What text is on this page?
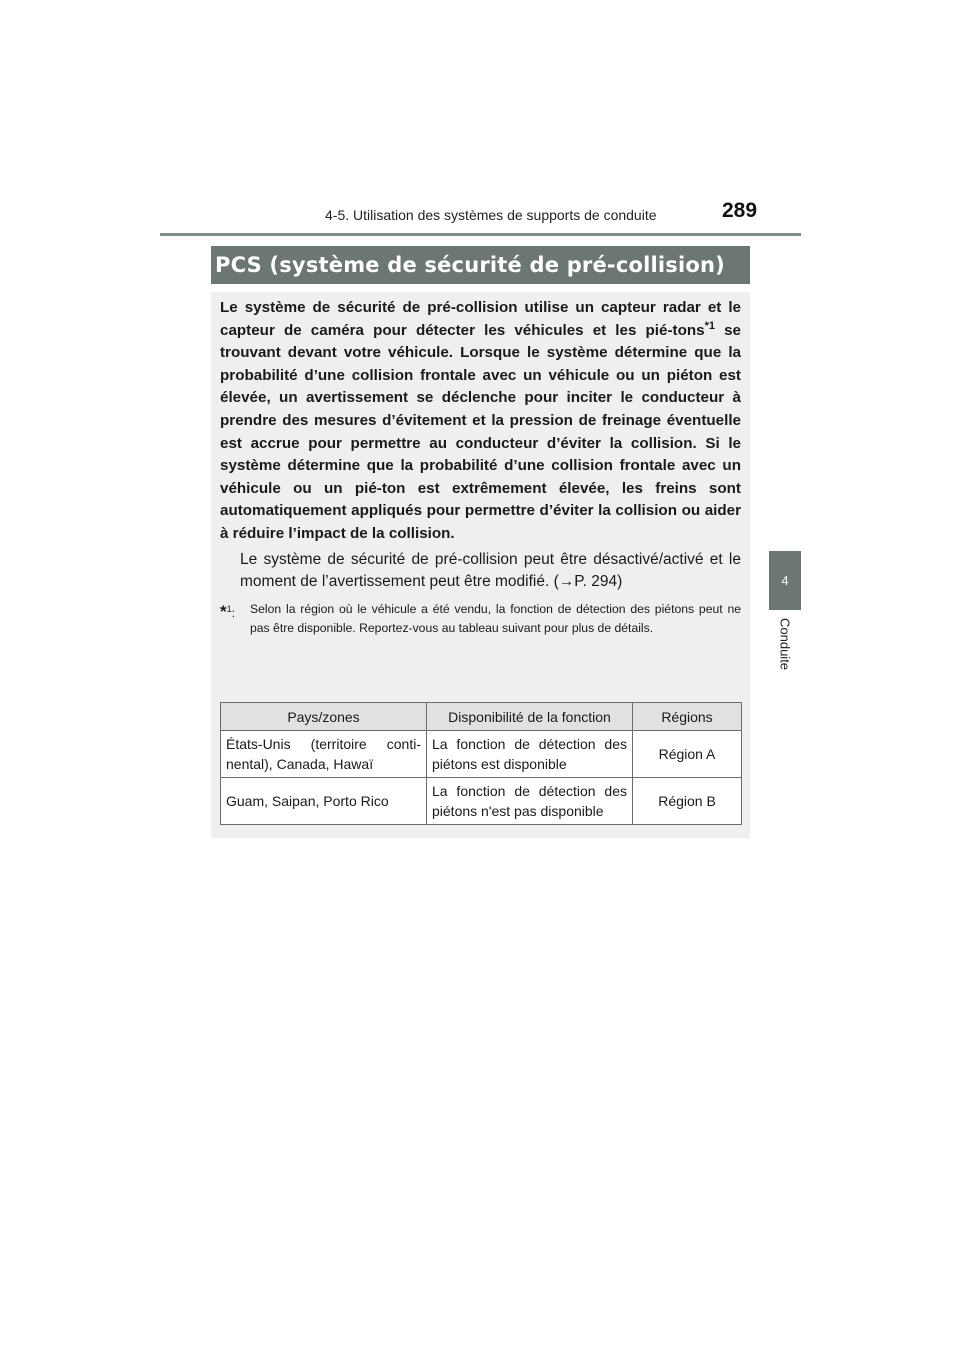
4-5. Utilisation des systèmes de supports de conduite	289
4
Conduite
PCS (système de sécurité de pré-collision)

Le système de sécurité de pré-collision utilise un capteur radar et le capteur de caméra pour détecter les véhicules et les pié-tons$^{*1}$ se trouvant devant votre véhicule. Lorsque le système détermine que la probabilité d’une collision frontale avec un véhicule ou un piéton est élevée, un avertissement se déclenche pour inciter le conducteur à prendre des mesures d’évitement et la pression de freinage éventuelle est accrue pour permettre au conducteur d’éviter la collision. Si le système détermine que la probabilité d’une collision frontale avec un véhicule ou un pié-ton est extrêmement élevée, les freins sont automatiquement appliqués pour permettre d’éviter la collision ou aider à réduire l’impact de la collision.

Le système de sécurité de pré-collision peut être désactivé/activé et le moment de l’avertissement peut être modifié. (→P. 294)

*$^1$:	Selon la région où le véhicule a été vendu, la fonction de détection des piétons peut ne pas être disponible. Reportez-vous au tableau suivant pour plus de détails.
Pays/zones	Disponibilité de la fonction	Régions
États-Unis (territoire conti-nental), Canada, Hawaï	La fonction de détection des piétons est disponible	Région A
Guam, Saipan, Porto Rico	La fonction de détection des piétons n'est pas disponible	Région B
